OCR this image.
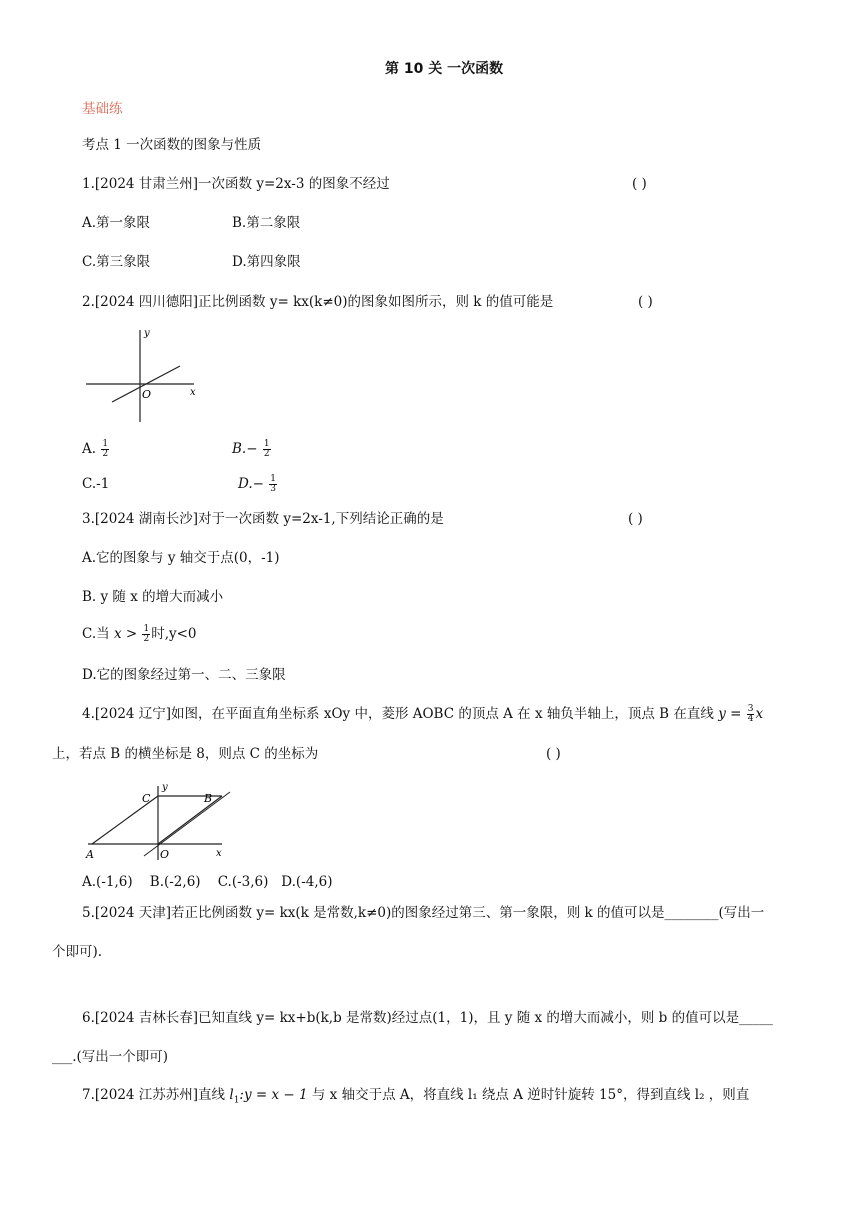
第 10 关 一次函数
基础练
考点 1 一次函数的图象与性质
1.[2024 甘肃兰州]一次函数 y=2x-3 的图象不经过	( )
A.第一象限	B.第二象限
C.第三象限	D.第四象限
2.[2024 四川德阳]正比例函数 y= kx(k≠0)的图象如图所示，则 k 的值可能是	( )
y
x
O
A. $\frac{1}{2}$	$B.- \frac{1}{2}$
C.-1	$D.- \frac{1}{3}$
3.[2024 湖南长沙]对于一次函数 y=2x-1,下列结论正确的是	( )
A.它的图象与 y 轴交于点(0，-1)
B. y 随 x 的增大而减小
C.当 $x > \frac{1}{2}$ 时,y<0
D.它的图象经过第一、二、三象限
4.[2024 辽宁]如图，在平面直角坐标系 xOy 中，菱形 AOBC 的顶点 A 在 x 轴负半轴上，顶点 B 在直线 $y = \frac{3}{4}$ x
上，若点 B 的横坐标是 8，则点 C 的坐标为	( )
C
y
B
A	O	x
A.(-1,6)    B.(-2,6)    C.(-3,6)   D.(-4,6)
5.[2024 天津]若正比例函数 y= kx(k 是常数,k≠0)的图象经过第三、第一象限，则 k 的值可以是________(写出一
个即可).
6.[2024 吉林长春]已知直线 y= kx+b(k,b 是常数)经过点(1，1)，且 y 随 x 的增大而减小，则 b 的值可以是_____
___.(写出一个即可)
7.[2024 江苏苏州]直线 $l_1:y = x - 1$ 与 x 轴交于点 A，将直线 l₁ 绕点 A 逆时针旋转 15°，得到直线 l₂ ，则直
